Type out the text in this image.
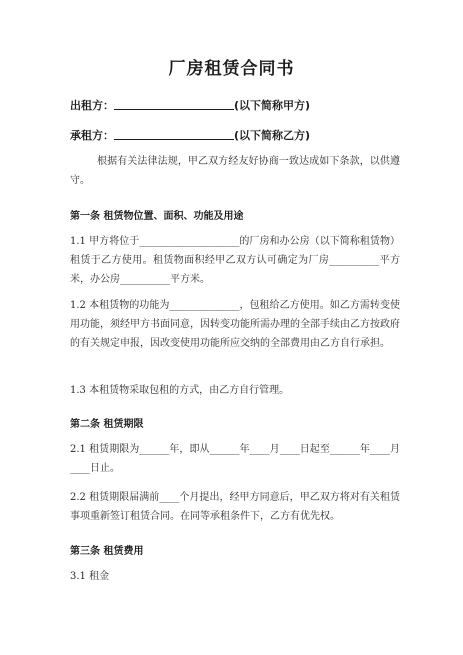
厂房租赁合同书
出租方：	(以下简称甲方)
承租方：	(以下简称乙方)
根据有关法律法规，甲乙双方经友好协商一致达成如下条款，以供遵守。
第一条 租赁物位置、面积、功能及用途
1.1 甲方将位于____________________的厂房和办公房（以下简称租赁物）租赁于乙方使用。租赁物面积经甲乙双方认可确定为厂房__________平方米，办公房__________平方米。
1.2 本租赁物的功能为______________，包租给乙方使用。如乙方需转变使用功能，须经甲方书面同意，因转变功能所需办理的全部手续由乙方按政府的有关规定申报，因改变使用功能所应交纳的全部费用由乙方自行承担。
1.3 本租赁物采取包租的方式，由乙方自行管理。
第二条 租赁期限
2.1 租赁期限为______年，即从______年____月____日起至______年____月____日止。
2.2 租赁期限届满前____个月提出，经甲方同意后，甲乙双方将对有关租赁事项重新签订租赁合同。在同等承租条件下，乙方有优先权。
第三条 租赁费用
3.1 租金
